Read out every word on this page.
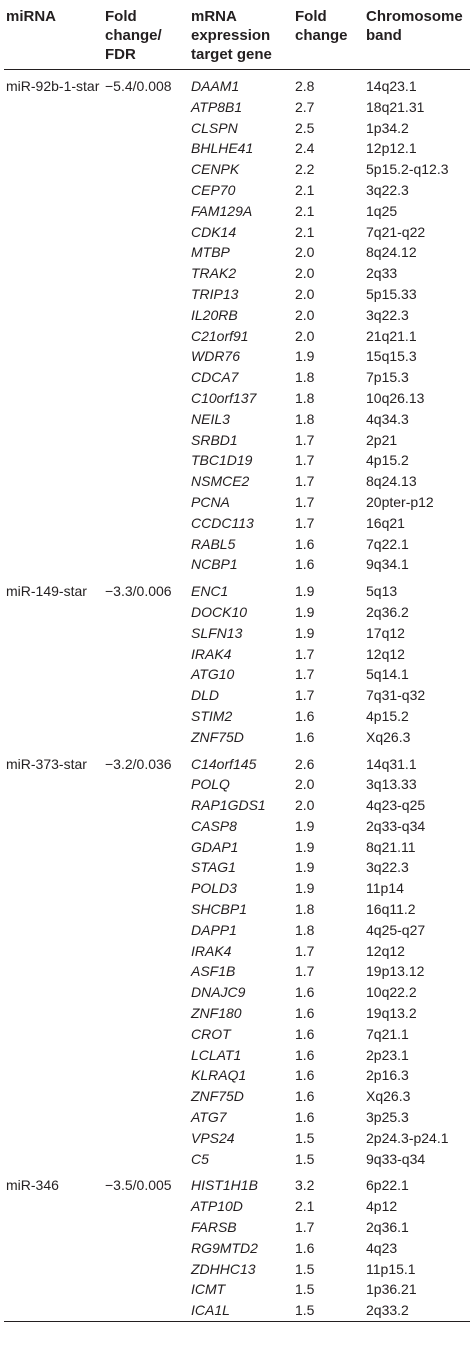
miRNA	Fold change/ FDR	mRNA expression target gene	Fold change	Chromosome band
miR-92b-1-star	−5.4/0.008	DAAM1	2.8	14q23.1
		ATP8B1	2.7	18q21.31
		CLSPN	2.5	1p34.2
		BHLHE41	2.4	12p12.1
		CENPK	2.2	5p15.2-q12.3
		CEP70	2.1	3q22.3
		FAM129A	2.1	1q25
		CDK14	2.1	7q21-q22
		MTBP	2.0	8q24.12
		TRAK2	2.0	2q33
		TRIP13	2.0	5p15.33
		IL20RB	2.0	3q22.3
		C21orf91	2.0	21q21.1
		WDR76	1.9	15q15.3
		CDCA7	1.8	7p15.3
		C10orf137	1.8	10q26.13
		NEIL3	1.8	4q34.3
		SRBD1	1.7	2p21
		TBC1D19	1.7	4p15.2
		NSMCE2	1.7	8q24.13
		PCNA	1.7	20pter-p12
		CCDC113	1.7	16q21
		RABL5	1.6	7q22.1
		NCBP1	1.6	9q34.1
miR-149-star	−3.3/0.006	ENC1	1.9	5q13
		DOCK10	1.9	2q36.2
		SLFN13	1.9	17q12
		IRAK4	1.7	12q12
		ATG10	1.7	5q14.1
		DLD	1.7	7q31-q32
		STIM2	1.6	4p15.2
		ZNF75D	1.6	Xq26.3
miR-373-star	−3.2/0.036	C14orf145	2.6	14q31.1
		POLQ	2.0	3q13.33
		RAP1GDS1	2.0	4q23-q25
		CASP8	1.9	2q33-q34
		GDAP1	1.9	8q21.11
		STAG1	1.9	3q22.3
		POLD3	1.9	11p14
		SHCBP1	1.8	16q11.2
		DAPP1	1.8	4q25-q27
		IRAK4	1.7	12q12
		ASF1B	1.7	19p13.12
		DNAJC9	1.6	10q22.2
		ZNF180	1.6	19q13.2
		CROT	1.6	7q21.1
		LCLAT1	1.6	2p23.1
		KLRAQ1	1.6	2p16.3
		ZNF75D	1.6	Xq26.3
		ATG7	1.6	3p25.3
		VPS24	1.5	2p24.3-p24.1
		C5	1.5	9q33-q34
miR-346	−3.5/0.005	HIST1H1B	3.2	6p22.1
		ATP10D	2.1	4p12
		FARSB	1.7	2q36.1
		RG9MTD2	1.6	4q23
		ZDHHC13	1.5	11p15.1
		ICMT	1.5	1p36.21
		ICA1L	1.5	2q33.2
